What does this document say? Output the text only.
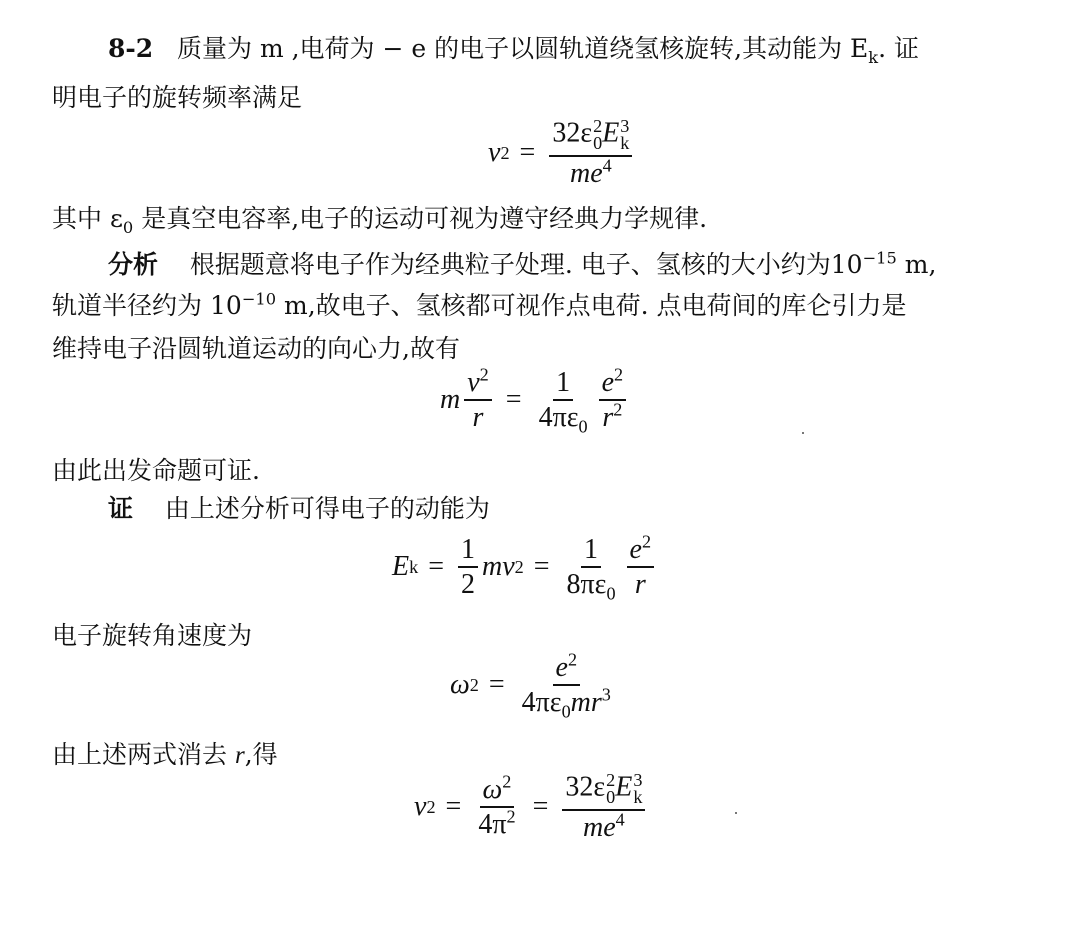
8-2 质量为 m ,电荷为 − e 的电子以圆轨道绕氢核旋转,其动能为 $E_k$. 证
明电子的旋转频率满足
ν 2 = 32ε 2
0 E 3
k
$me^4$
其中 $\varepsilon_0$ 是真空电容率,电子的运动可视为遵守经典力学规律.
分析 根据题意将电子作为经典粒子处理. 电子、氢核的大小约为$10^{-15}$ m,
轨道半径约为 $10^{-10}$ m,故电子、氢核都可视作点电荷. 点电荷间的库仑引力是
维持电子沿圆轨道运动的向心力,故有
m $\frac{v^2}{r} = \frac{1}{4\pi\varepsilon_0} \frac{e^2}{r^2}$
由此出发命题可证.
证 由上述分析可得电子的动能为
E $k = \frac{1}{2}$ mv $2 = \frac{1}{8\pi\varepsilon_0} \frac{e^2}{r}$
电子旋转角速度为
ω $2 = \frac{e^2}{4\pi\varepsilon_0mr^3}$
由上述两式消去 r,得
ν $2 = \frac{\omega^2}{4\pi^2} = 32\varepsilon$ 2
0 E 3
k
$me^4$
